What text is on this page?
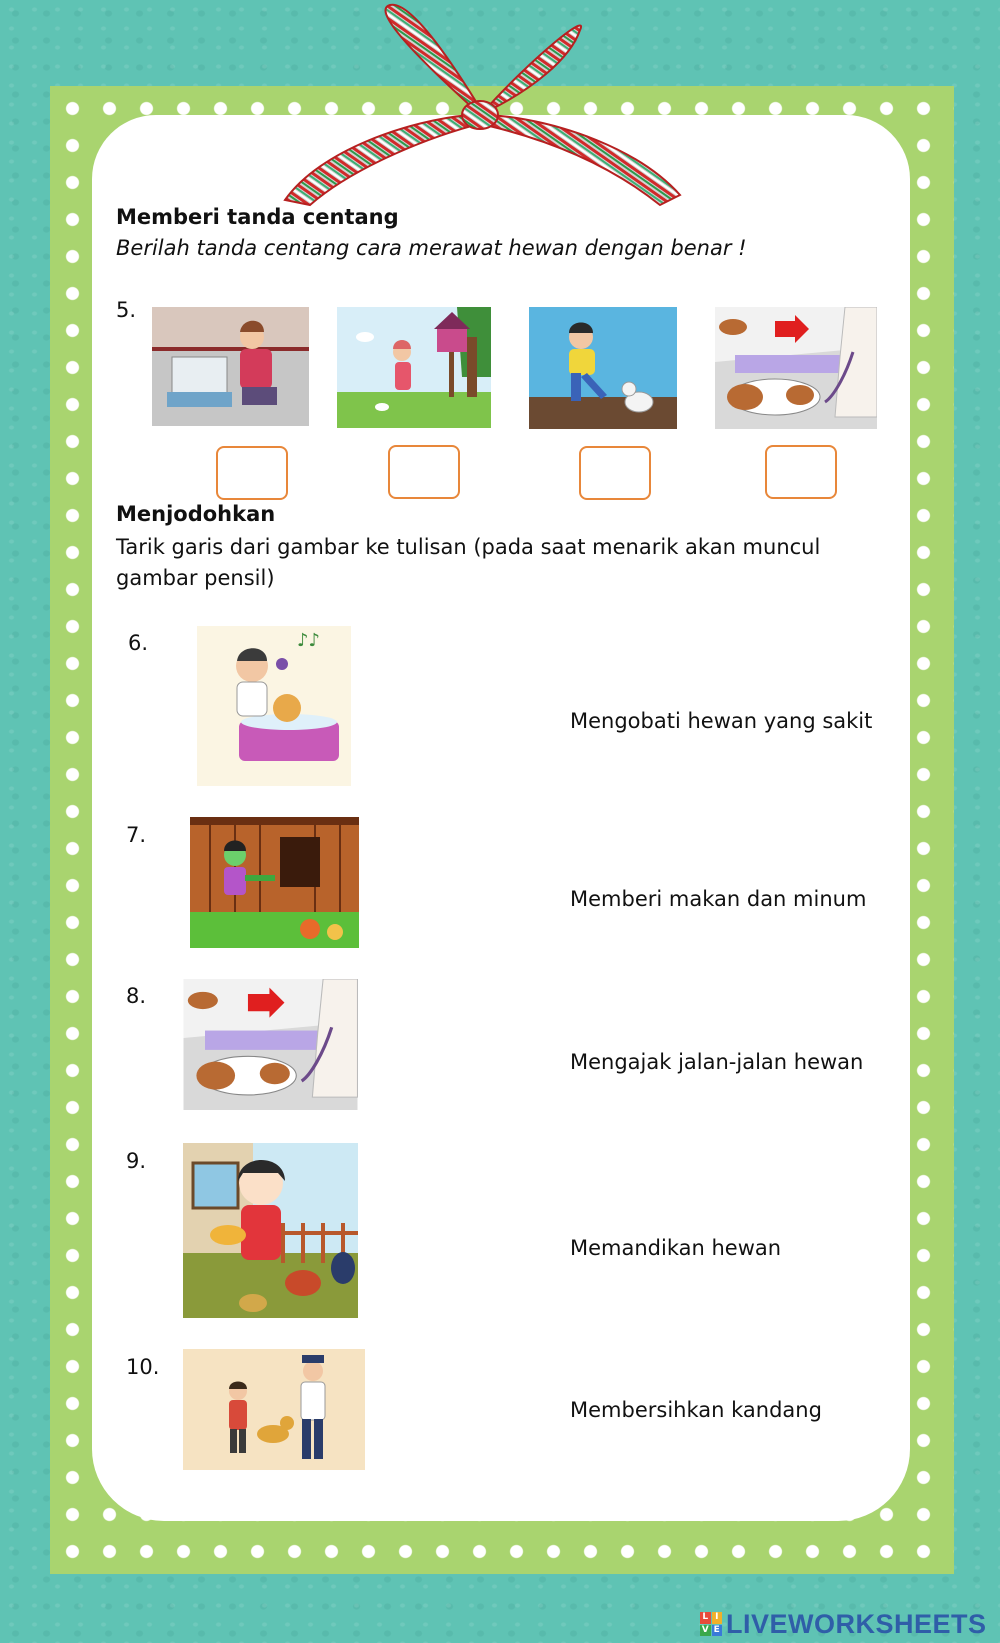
Memberi tanda centang
Berilah tanda centang cara merawat hewan dengan benar !
5.
Menjodohkan
Tarik garis dari gambar ke tulisan (pada saat menarik akan muncul
gambar pensil)
6.	♪♪
Mengobati hewan yang sakit
7.
Memberi makan dan minum
8.
Mengajak jalan-jalan hewan
9.
Memandikan hewan
10.
Membersihkan kandang
L I
V E LIVEWORKSHEETS
